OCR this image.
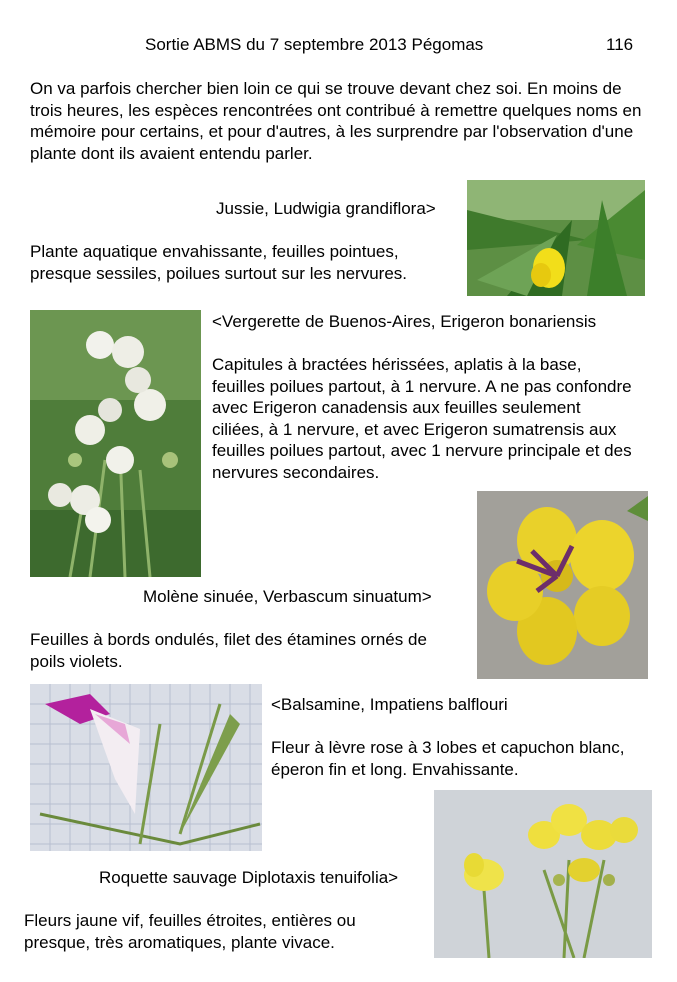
Sortie ABMS du 7 septembre 2013 Pégomas	116

On va parfois chercher bien loin ce qui se trouve devant chez soi. En moins de trois heures, les espèces rencontrées ont contribué à remettre quelques noms en mémoire pour certains, et pour d'autres, à les surprendre par l'observation d'une plante dont ils avaient entendu parler.

Jussie, Ludwigia grandiflora>

Plante aquatique envahissante, feuilles pointues, presque sessiles, poilues surtout sur les nervures.

<Vergerette de Buenos-Aires, Erigeron bonariensis

Capitules à bractées hérissées, aplatis à la base, feuilles poilues partout, à 1 nervure. A ne pas confondre avec Erigeron canadensis aux feuilles seulement ciliées, à 1 nervure, et avec Erigeron sumatrensis aux feuilles poilues partout, avec 1 nervure principale et des nervures secondaires.

Molène sinuée, Verbascum sinuatum>

Feuilles à bords ondulés, filet des étamines ornés de poils violets.

<Balsamine, Impatiens balflouri

Fleur à lèvre rose à 3 lobes et capuchon blanc, éperon fin et long. Envahissante.

Roquette sauvage Diplotaxis tenuifolia>

Fleurs jaune vif, feuilles étroites, entières ou presque, très aromatiques, plante vivace.
